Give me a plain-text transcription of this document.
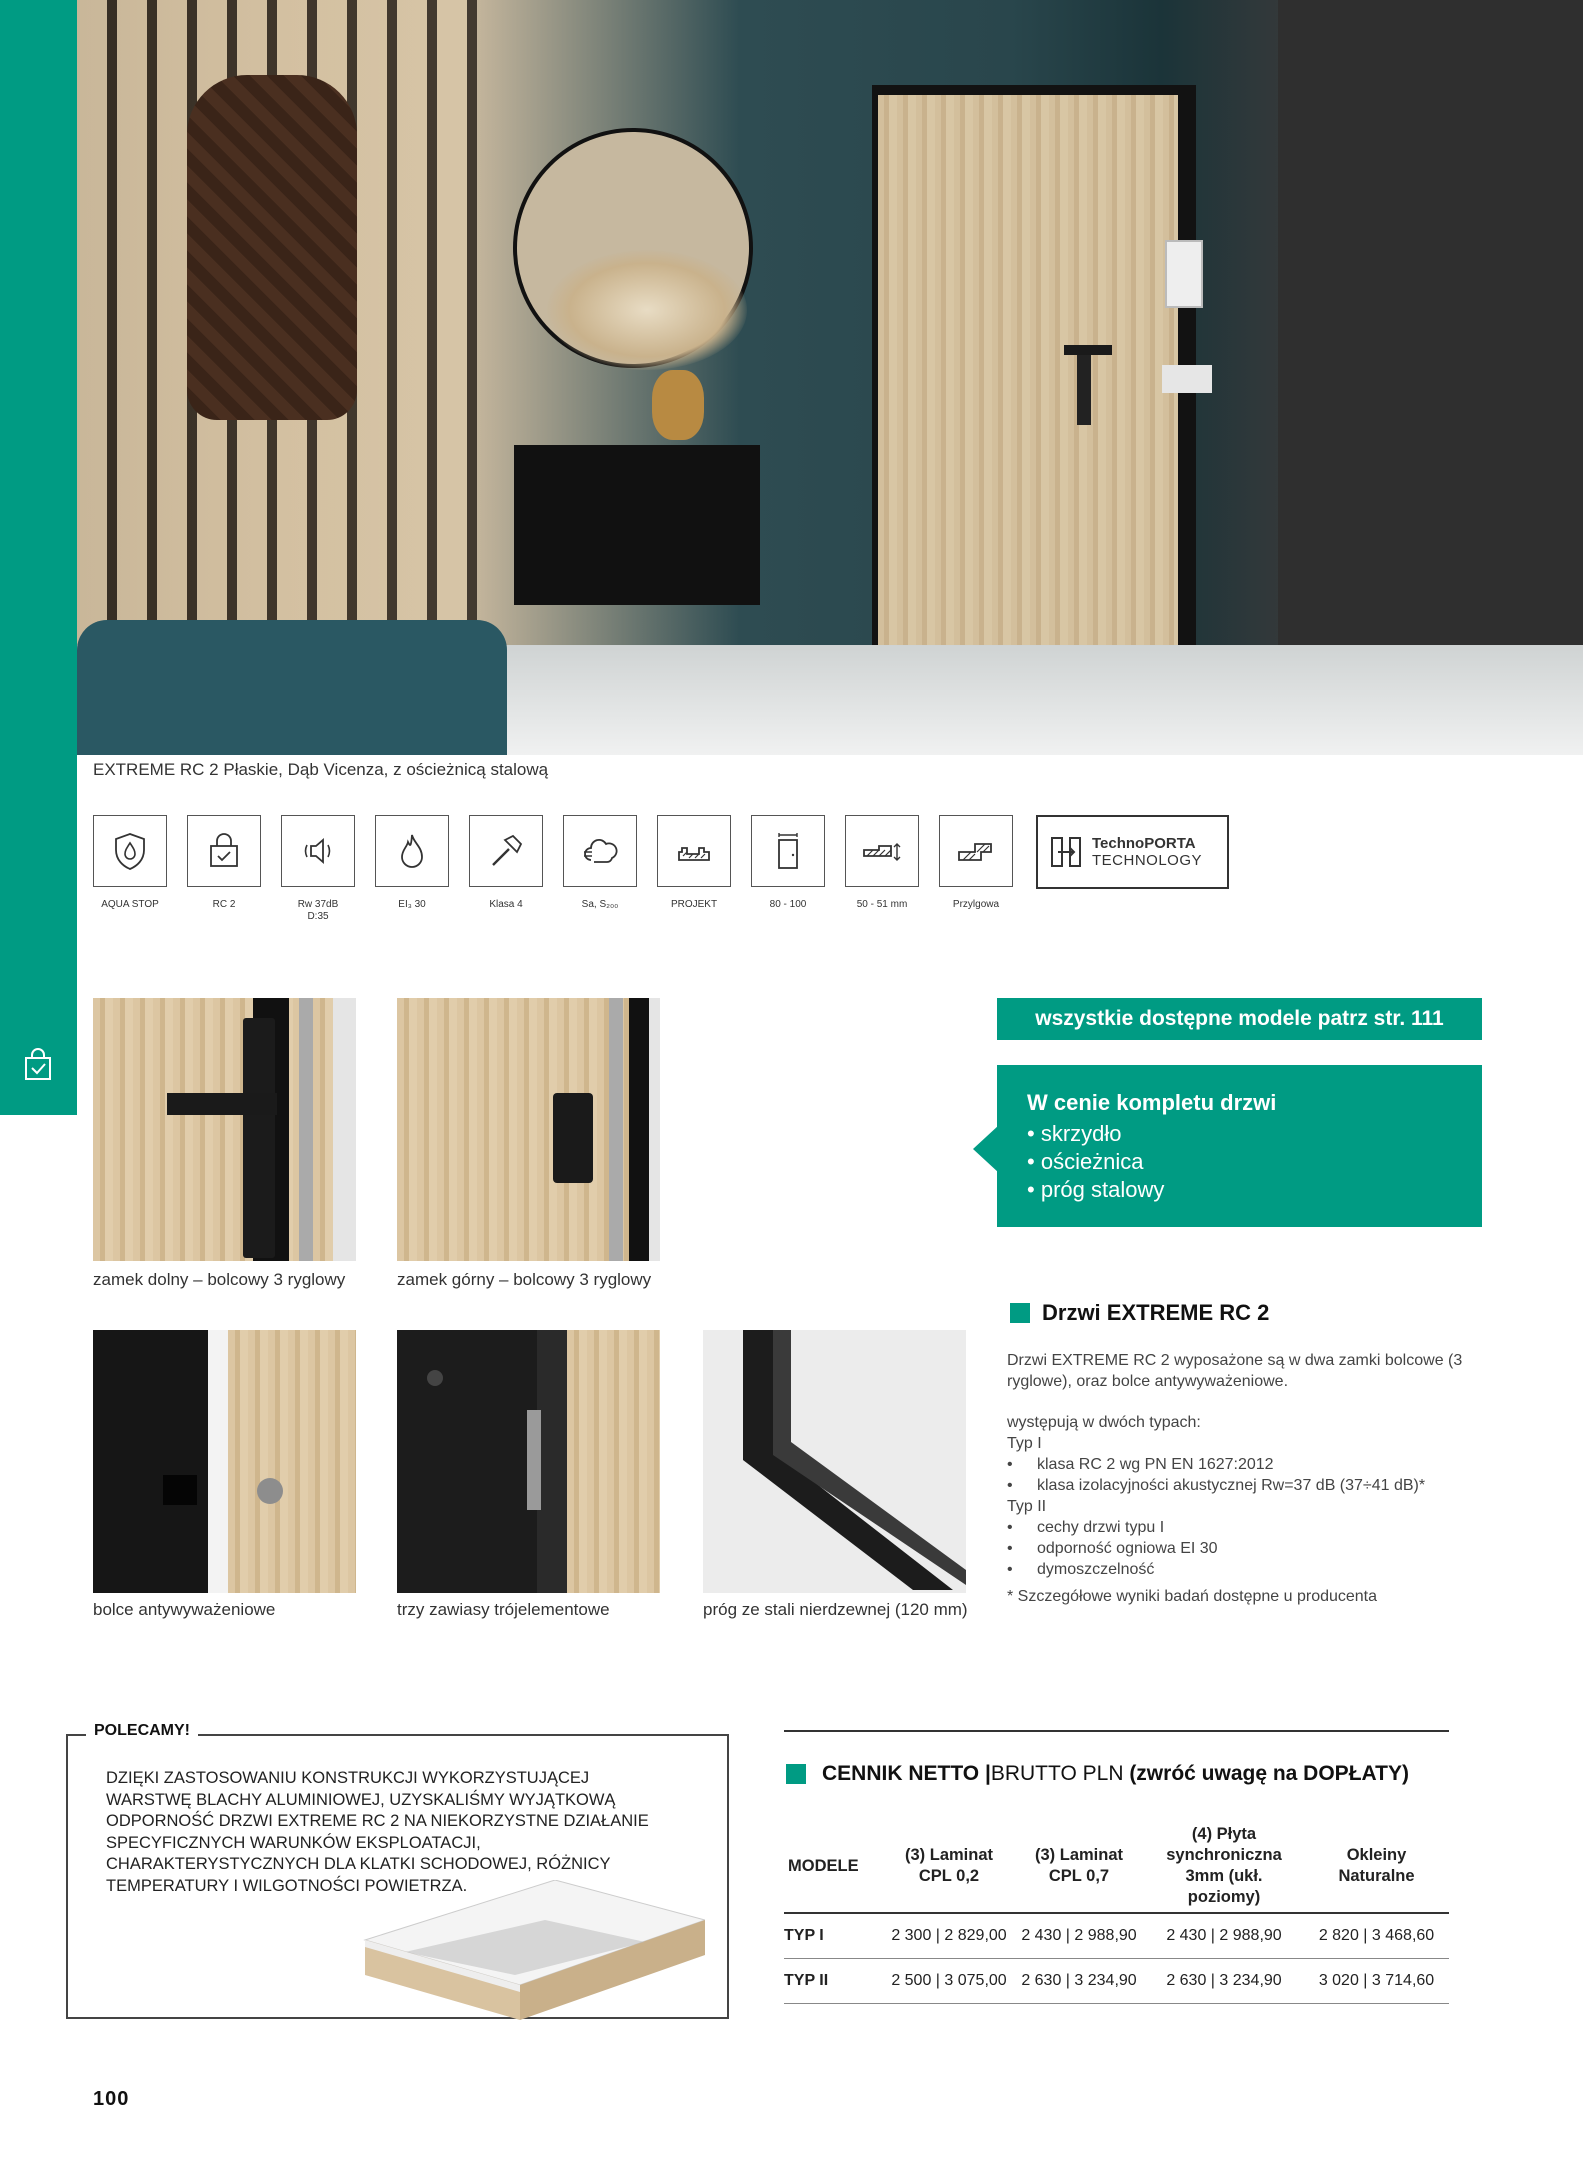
EXTREME RC 2 Płaskie, Dąb Vicenza, z ościeżnicą stalową
AQUA STOP	RC 2	Rw 37dB
D:35
EI₃ 30	Klasa 4	Sa, S₂₀₀	PROJEKT	80 - 100	50 - 51 mm	Przylgowa
TechnoPORTA
TECHNOLOGY
zamek dolny – bolcowy 3 ryglowy	zamek górny – bolcowy 3 ryglowy
bolce antywyważeniowe	trzy zawiasy trójelementowe	próg ze stali nierdzewnej (120 mm)
wszystkie dostępne modele patrz str. 111
W cenie kompletu drzwi
• skrzydło
• ościeżnica
• próg stalowy
Drzwi EXTREME RC 2

Drzwi EXTREME RC 2 wyposażone są w dwa zamki bolcowe (3 ryglowe), oraz bolce antywyważeniowe.

występują w dwóch typach:

Typ I

• klasa RC 2 wg PN EN 1627:2012
• klasa izolacyjności akustycznej Rw=37 dB (37÷41 dB)*

Typ II

• cechy drzwi typu I
• odporność ogniowa EI 30
• dymoszczelność

* Szczegółowe wyniki badań dostępne u producenta

POLECAMY!
DZIĘKI ZASTOSOWANIU KONSTRUKCJI WYKORZYSTUJĄCEJ WARSTWĘ BLACHY ALUMINIOWEJ, UZYSKALIŚMY WYJĄTKOWĄ ODPORNOŚĆ DRZWI EXTREME RC 2 NA NIEKORZYSTNE DZIAŁANIE SPECYFICZNYCH WARUNKÓW EKSPLOATACJI, CHARAKTERYSTYCZNYCH DLA KLATKI SCHODOWEJ, RÓŻNICY TEMPERATURY I WILGOTNOŚCI POWIETRZA.
CENNIK NETTO | BRUTTO PLN (zwróć uwagę na DOPŁATY)
MODELE	(3) Laminat CPL 0,2	(3) Laminat CPL 0,7	(4) Płyta synchroniczna 3mm (ukł. poziomy)	Okleiny Naturalne
TYP I	2 300 | 2 829,00	2 430 | 2 988,90	2 430 | 2 988,90	2 820 | 3 468,60
TYP II	2 500 | 3 075,00	2 630 | 3 234,90	2 630 | 3 234,90	3 020 | 3 714,60
100
